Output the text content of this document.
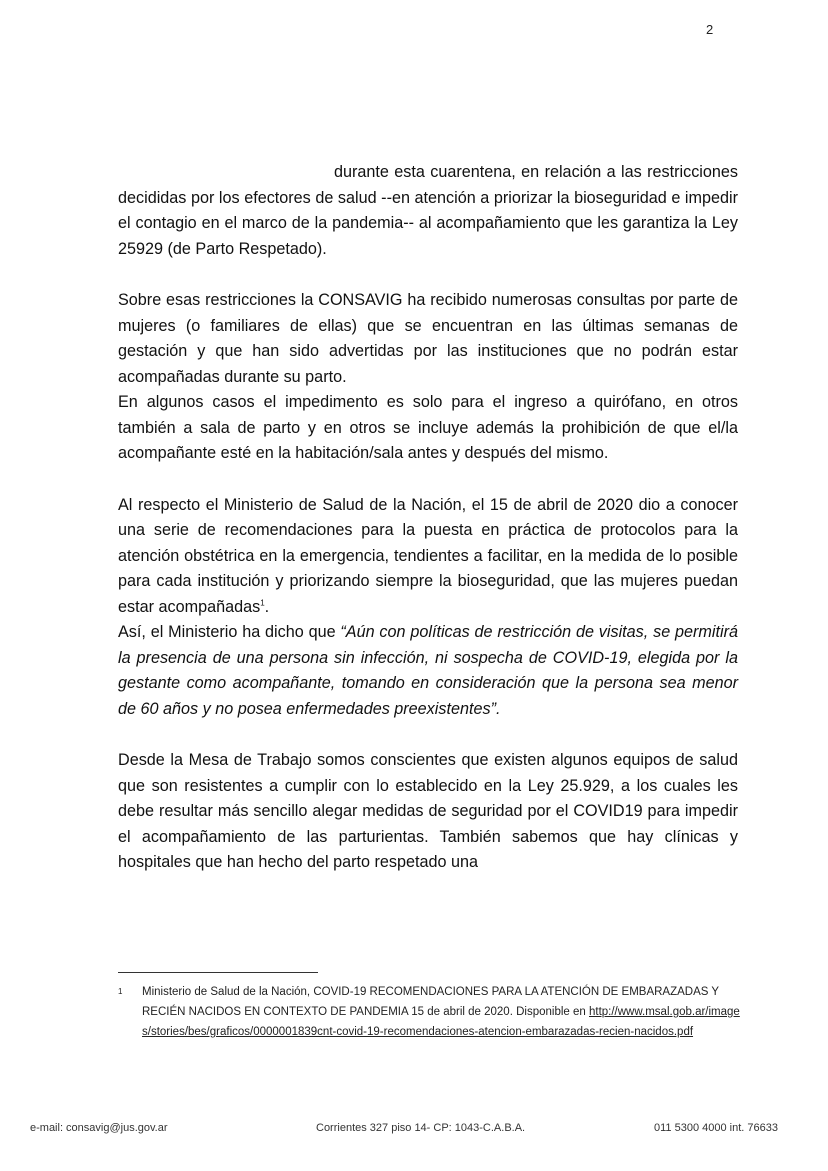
2

durante esta cuarentena, en relación a las restricciones decididas por los efectores de salud --en atención a priorizar la bioseguridad e impedir el contagio en el marco de la pandemia-- al acompañamiento que les garantiza la Ley 25929 (de Parto Respetado).

Sobre esas restricciones la CONSAVIG ha recibido numerosas consultas por parte de mujeres (o familiares de ellas) que se encuentran en las últimas semanas de gestación y que han sido advertidas por las instituciones que no podrán estar acompañadas durante su parto.

En algunos casos el impedimento es solo para el ingreso a quirófano, en otros también a sala de parto y en otros se incluye además la prohibición de que el/la acompañante esté en la habitación/sala antes y después del mismo.

Al respecto el Ministerio de Salud de la Nación, el 15 de abril de 2020 dio a conocer una serie de recomendaciones para la puesta en práctica de protocolos para la atención obstétrica en la emergencia, tendientes a facilitar, en la medida de lo posible para cada institución y priorizando siempre la bioseguridad, que las mujeres puedan estar acompañadas$^1$.

Así, el Ministerio ha dicho que “Aún con políticas de restricción de visitas, se permitirá la presencia de una persona sin infección, ni sospecha de COVID-19, elegida por la gestante como acompañante, tomando en consideración que la persona sea menor de 60 años y no posea enfermedades preexistentes”.

Desde la Mesa de Trabajo somos conscientes que existen algunos equipos de salud que son resistentes a cumplir con lo establecido en la Ley 25.929, a los cuales les debe resultar más sencillo alegar medidas de seguridad por el COVID19 para impedir el acompañamiento de las parturientas. También sabemos que hay clínicas y hospitales que han hecho del parto respetado una

1 Ministerio de Salud de la Nación, COVID-19 RECOMENDACIONES PARA LA ATENCIÓN DE EMBARAZADAS Y RECIÉN NACIDOS EN CONTEXTO DE PANDEMIA 15 de abril de 2020. Disponible en http://www.msal.gob.ar/images/stories/bes/graficos/0000001839cnt-covid-19-recomendaciones-atencion-embarazadas-recien-nacidos.pdf
e-mail: consavig@jus.gov.ar	Corrientes 327 piso 14- CP: 1043-C.A.B.A.	011 5300 4000 int. 76633
